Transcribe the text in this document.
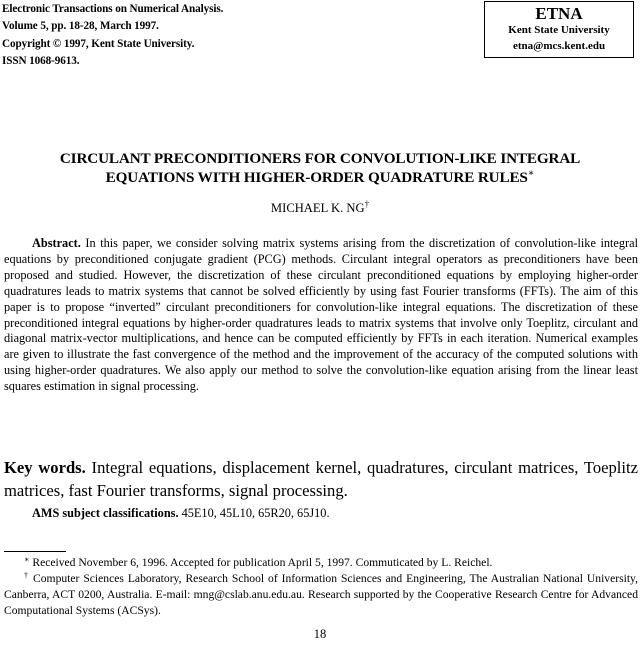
Electronic Transactions on Numerical Analysis.
Volume 5, pp. 18-28, March 1997.
Copyright © 1997, Kent State University.
ISSN 1068-9613.
ETNA
Kent State University
etna@mcs.kent.edu
CIRCULANT PRECONDITIONERS FOR CONVOLUTION-LIKE INTEGRAL
EQUATIONS WITH HIGHER-ORDER QUADRATURE RULES∗
MICHAEL K. NG†
Abstract. In this paper, we consider solving matrix systems arising from the discretization of convolution-like integral equations by preconditioned conjugate gradient (PCG) methods. Circulant integral operators as preconditioners have been proposed and studied. However, the discretization of these circulant preconditioned equations by employing higher-order quadratures leads to matrix systems that cannot be solved efficiently by using fast Fourier transforms (FFTs). The aim of this paper is to propose “inverted” circulant preconditioners for convolution-like integral equations. The discretization of these preconditioned integral equations by higher-order quadratures leads to matrix systems that involve only Toeplitz, circulant and diagonal matrix-vector multiplications, and hence can be computed efficiently by FFTs in each iteration. Numerical examples are given to illustrate the fast convergence of the method and the improvement of the accuracy of the computed solutions with using higher-order quadratures. We also apply our method to solve the convolution-like equation arising from the linear least squares estimation in signal processing.
Key words. Integral equations, displacement kernel, quadratures, circulant matrices, Toeplitz matrices, fast Fourier transforms, signal processing.
AMS subject classifications. 45E10, 45L10, 65R20, 65J10.
∗ Received November 6, 1996. Accepted for publication April 5, 1997. Commuticated by L. Reichel.
† Computer Sciences Laboratory, Research School of Information Sciences and Engineering, The Australian National University, Canberra, ACT 0200, Australia. E-mail: mng@cslab.anu.edu.au. Research supported by the Cooperative Research Centre for Advanced Computational Systems (ACSys).
18
